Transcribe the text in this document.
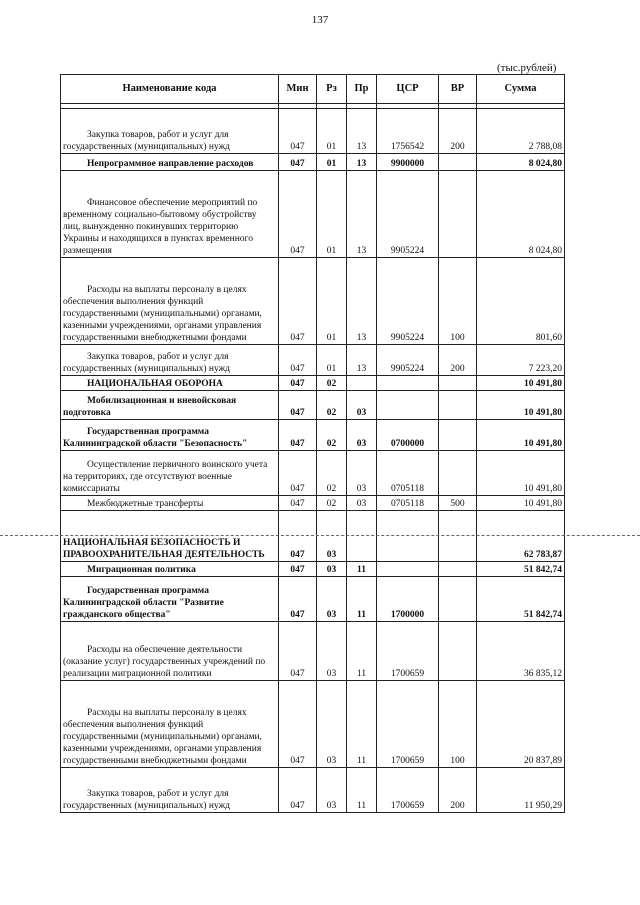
137
(тыс.рублей)
Наименование кода	Мин	Рз	Пр	ЦСР	ВР	Сумма

Закупка товаров, работ и услуг для государственных (муниципальных) нужд	047	01	13	1756542	200	2 788,08
Непрограммное направление расходов	047	01	13	9900000		8 024,80
Финансовое обеспечение мероприятий по временному социально-бытовому обустройству лиц, вынужденно покинувших территорию Украины и находящихся в пунктах временного размещения	047	01	13	9905224		8 024,80
Расходы на выплаты персоналу в целях обеспечения выполнения функций государственными (муниципальными) органами, казенными учреждениями, органами управления государственными внебюджетными фондами	047	01	13	9905224	100	801,60
Закупка товаров, работ и услуг для государственных (муниципальных) нужд	047	01	13	9905224	200	7 223,20
НАЦИОНАЛЬНАЯ ОБОРОНА	047	02				10 491,80
Мобилизационная и вневойсковая подготовка	047	02	03			10 491,80
Государственная программа Калининградской области "Безопасность"	047	02	03	0700000		10 491,80
Осуществление первичного воинского учета на территориях, где отсутствуют военные комиссариаты	047	02	03	0705118		10 491,80
Межбюджетные трансферты	047	02	03	0705118	500	10 491,80
НАЦИОНАЛЬНАЯ БЕЗОПАСНОСТЬ И ПРАВООХРАНИТЕЛЬНАЯ ДЕЯТЕЛЬНОСТЬ	047	03				62 783,87
Миграционная политика	047	03	11			51 842,74
Государственная программа Калининградской области "Развитие гражданского общества"	047	03	11	1700000		51 842,74
Расходы на обеспечение деятельности (оказание услуг) государственных учреждений по реализации миграционной политики	047	03	11	1700659		36 835,12
Расходы на выплаты персоналу в целях обеспечения выполнения функций государственными (муниципальными) органами, казенными учреждениями, органами управления государственными внебюджетными фондами	047	03	11	1700659	100	20 837,89
Закупка товаров, работ и услуг для государственных (муниципальных) нужд	047	03	11	1700659	200	11 950,29
